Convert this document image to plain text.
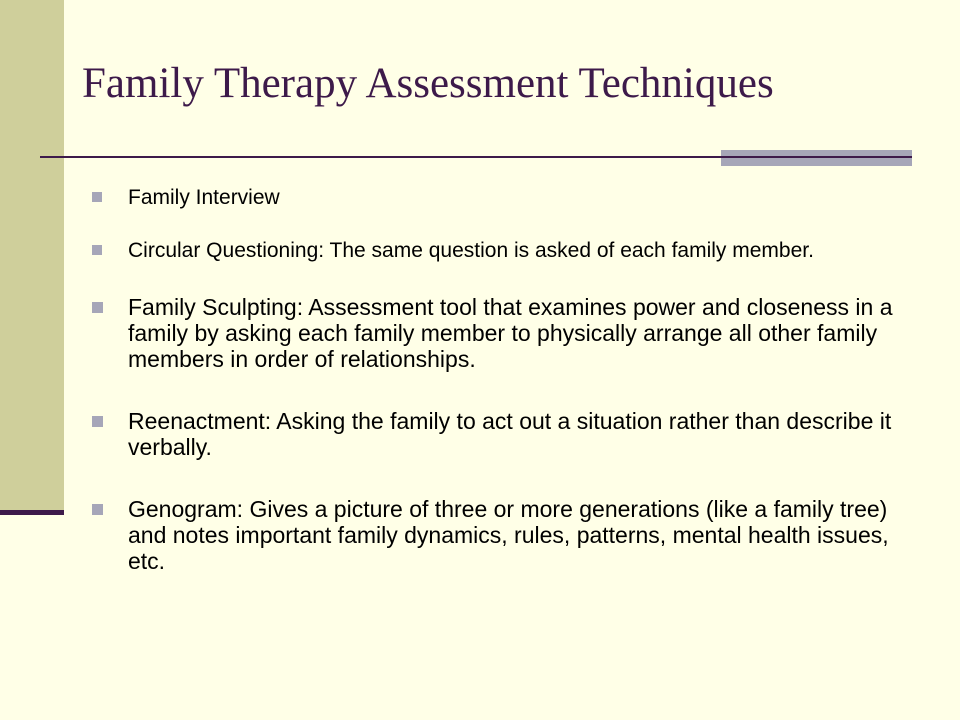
Family Therapy Assessment Techniques
Family Interview
Circular Questioning: The same question is asked of each family member.
Family Sculpting: Assessment tool that examines power and closeness in a family by asking each family member to physically arrange all other family members in order of relationships.
Reenactment: Asking the family to act out a situation rather than describe it verbally.
Genogram: Gives a picture of three or more generations (like a family tree) and notes important family dynamics, rules, patterns, mental health issues, etc.
